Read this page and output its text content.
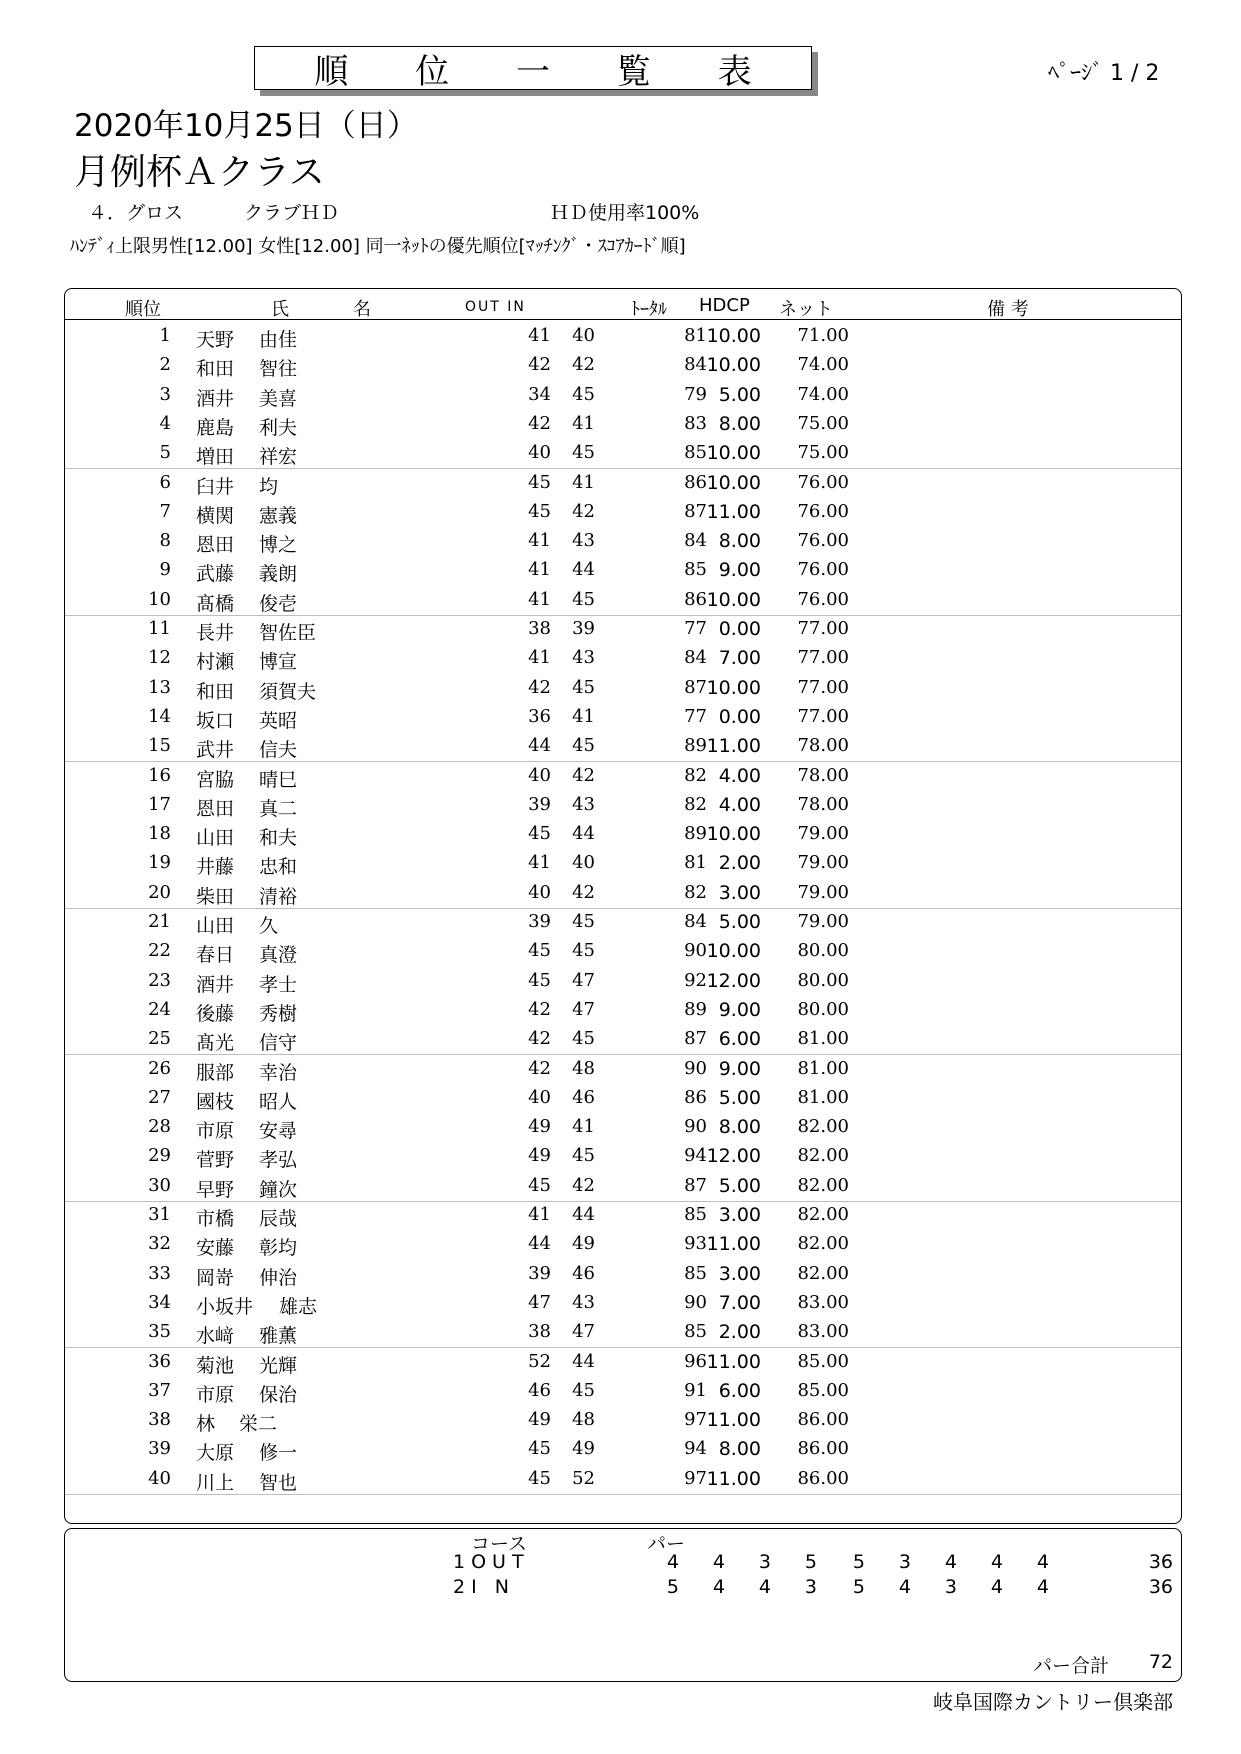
順 位 一 覧 表	ﾍﾟｰｼﾞ 1 / 2
2020年10月25日（日）
月例杯Ａクラス
４．グロス	クラブＨＤ	ＨＤ使用率100%
ﾊﾝﾃﾞｨ上限男性[12.00] 女性[12.00] 同一ﾈｯﾄの優先順位[ﾏｯﾁﾝｸﾞ・ｽｺｱｶｰﾄﾞ順]
順位	氏	名	OUT IN	ﾄｰﾀﾙ HDCP ネット	備 考
1 天野 由佳	41 40	81 10.00 71.00
2 和田 智往	42 42	84 10.00 74.00
3 酒井 美喜	34 45	79 5.00 74.00
4 鹿島 利夫	42 41	83 8.00 75.00
5 増田 祥宏	40 45	85 10.00 75.00
6 臼井 均	45 41	86 10.00 76.00
7 横関 憲義	45 42	87 11.00 76.00
8 恩田 博之	41 43	84 8.00 76.00
9 武藤 義朗	41 44	85 9.00 76.00
10 髙橋 俊壱	41 45	86 10.00 76.00
11 長井 智佐臣	38 39	77 0.00 77.00
12 村瀬 博宣	41 43	84 7.00 77.00
13 和田 須賀夫	42 45	87 10.00 77.00
14 坂口 英昭	36 41	77 0.00 77.00
15 武井 信夫	44 45	89 11.00 78.00
16 宮脇 晴巳	40 42	82 4.00 78.00
17 恩田 真二	39 43	82 4.00 78.00
18 山田 和夫	45 44	89 10.00 79.00
19 井藤 忠和	41 40	81 2.00 79.00
20 柴田 清裕	40 42	82 3.00 79.00
21 山田 久	39 45	84 5.00 79.00
22 春日 真澄	45 45	90 10.00 80.00
23 酒井 孝士	45 47	92 12.00 80.00
24 後藤 秀樹	42 47	89 9.00 80.00
25 髙光 信守	42 45	87 6.00 81.00
26 服部 幸治	42 48	90 9.00 81.00
27 國枝 昭人	40 46	86 5.00 81.00
28 市原 安尋	49 41	90 8.00 82.00
29 菅野 孝弘	49 45	94 12.00 82.00
30 早野 鐘次	45 42	87 5.00 82.00
31 市橋 辰哉	41 44	85 3.00 82.00
32 安藤 彰均	44 49	93 11.00 82.00
33 岡嵜 伸治	39 46	85 3.00 82.00
34 小坂井 雄志	47 43	90 7.00 83.00
35 水﨑 雅薫	38 47	85 2.00 83.00
36 菊池 光輝	52 44	96 11.00 85.00
37 市原 保治	46 45	91 6.00 85.00
38 林 栄二	49 48	97 11.00 86.00
39 大原 修一	45 49	94 8.00 86.00
40 川上 智也	45 52	97 11.00 86.00
コース	パー
1OUT	4 4 3 5 5 3 4 4 4	36
2I N	5 4 4 3 5 4 3 4 4	36
パー合計 72
岐阜国際カントリー倶楽部
